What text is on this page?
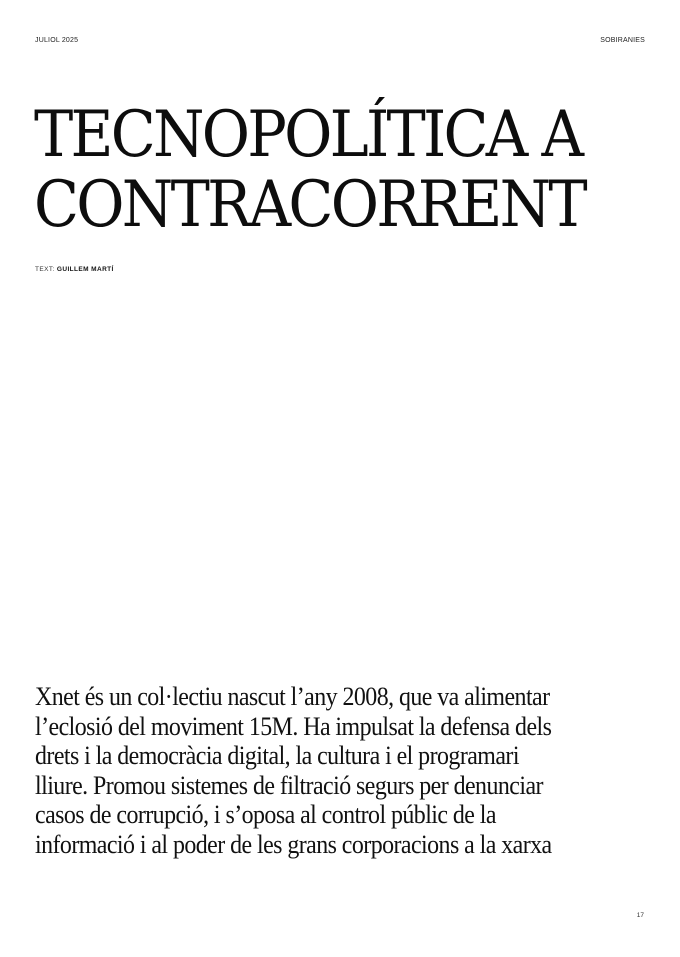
JULIOL 2025	SOBIRANIES
TECNOPOLÍTICA A
CONTRACORRENT
TEXT: GUILLEM MARTÍ

Xnet és un col·lectiu nascut l’any 2008, que va alimentar
l’eclosió del moviment 15M. Ha impulsat la defensa dels
drets i la democràcia digital, la cultura i el programari
lliure. Promou sistemes de filtració segurs per denunciar
casos de corrupció, i s’oposa al control públic de la
informació i al poder de les grans corporacions a la xarxa

17
